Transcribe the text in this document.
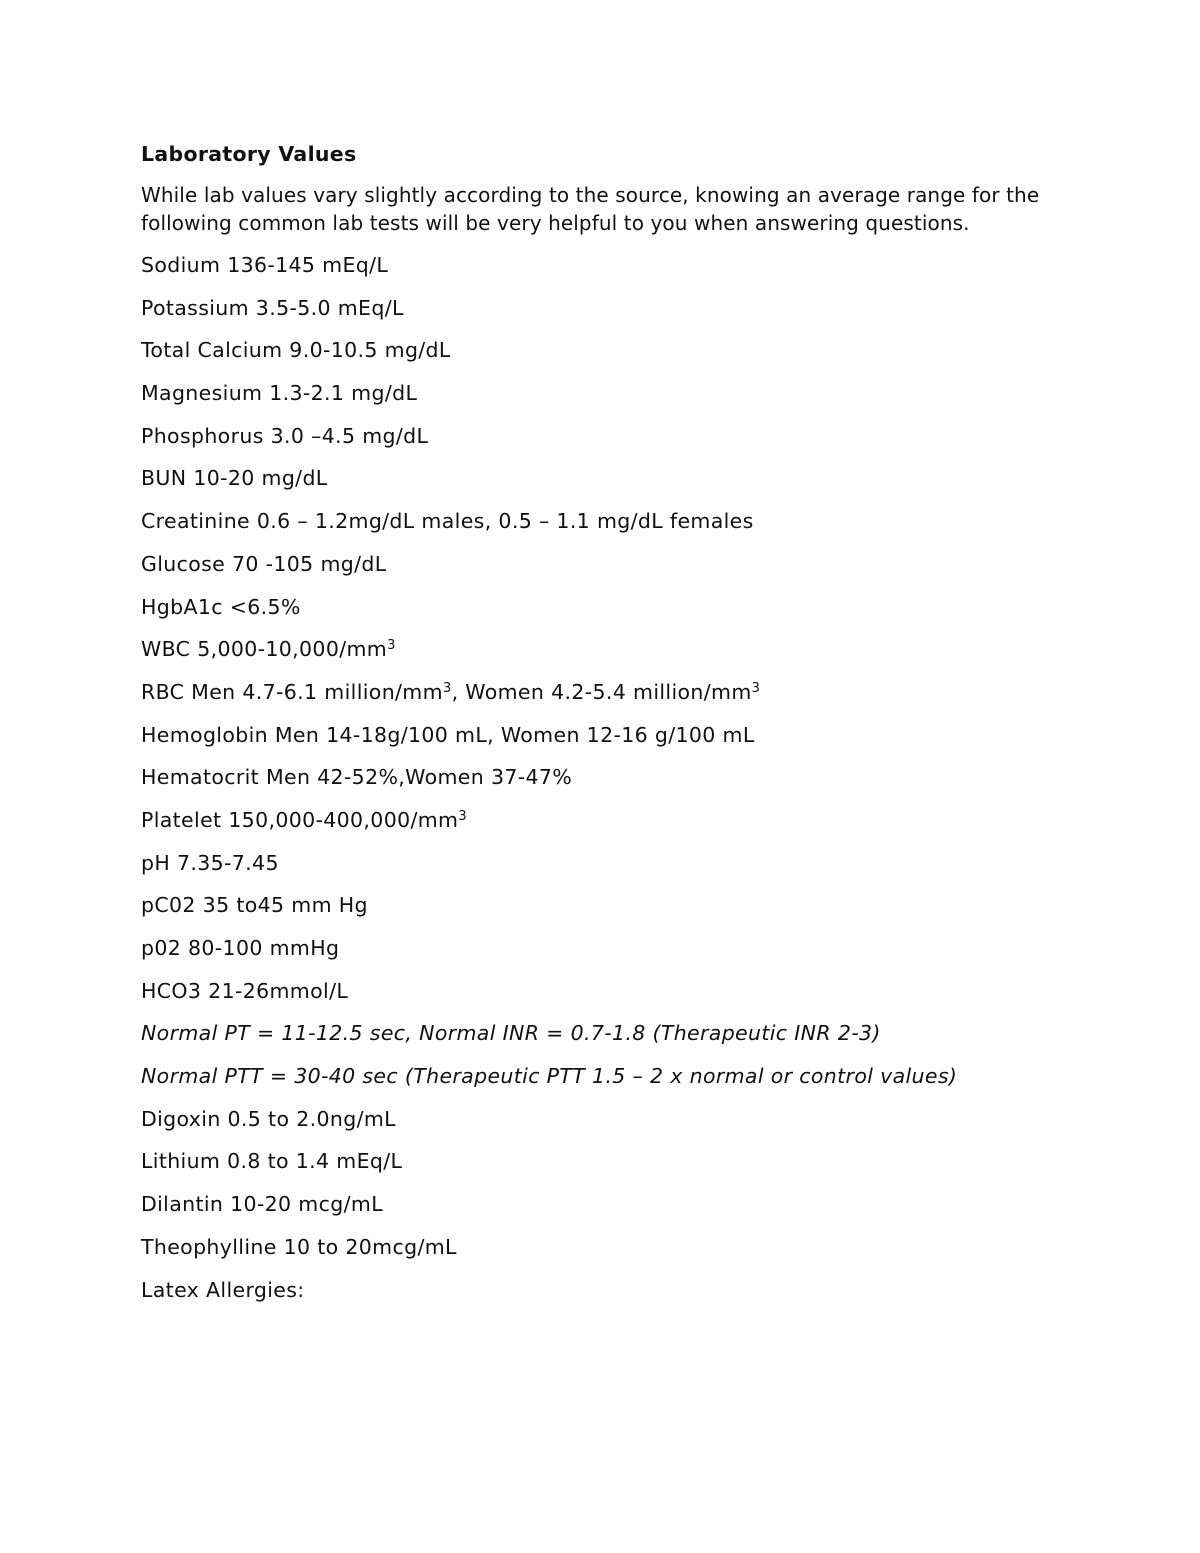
Laboratory Values

While lab values vary slightly according to the source, knowing an average range for the following common lab tests will be very helpful to you when answering questions.

Sodium 136-145 mEq/L
Potassium 3.5-5.0 mEq/L
Total Calcium 9.0-10.5 mg/dL
Magnesium 1.3-2.1 mg/dL
Phosphorus 3.0 –4.5 mg/dL
BUN 10-20 mg/dL
Creatinine 0.6 – 1.2mg/dL males, 0.5 – 1.1 mg/dL females
Glucose 70 -105 mg/dL
HgbA1c <6.5%
WBC $5,000-10,000/mm^3$
RBC Men 4.7-6.1 million/$mm^3$, Women 4.2-5.4 million/$mm^3$
Hemoglobin Men 14-18g/100 mL, Women 12-16 g/100 mL
Hematocrit Men 42-52%,Women 37-47%
Platelet $150,000-400,000/mm^3$
pH 7.35-7.45
pC02 35 to45 mm Hg
p02 80-100 mmHg
HCO3 21-26mmol/L
Normal PT = 11-12.5 sec, Normal INR = 0.7-1.8 (Therapeutic INR 2-3)
Normal PTT = 30-40 sec (Therapeutic PTT 1.5 – 2 x normal or control values)
Digoxin 0.5 to 2.0ng/mL
Lithium 0.8 to 1.4 mEq/L
Dilantin 10-20 mcg/mL
Theophylline 10 to 20mcg/mL

Latex Allergies:
